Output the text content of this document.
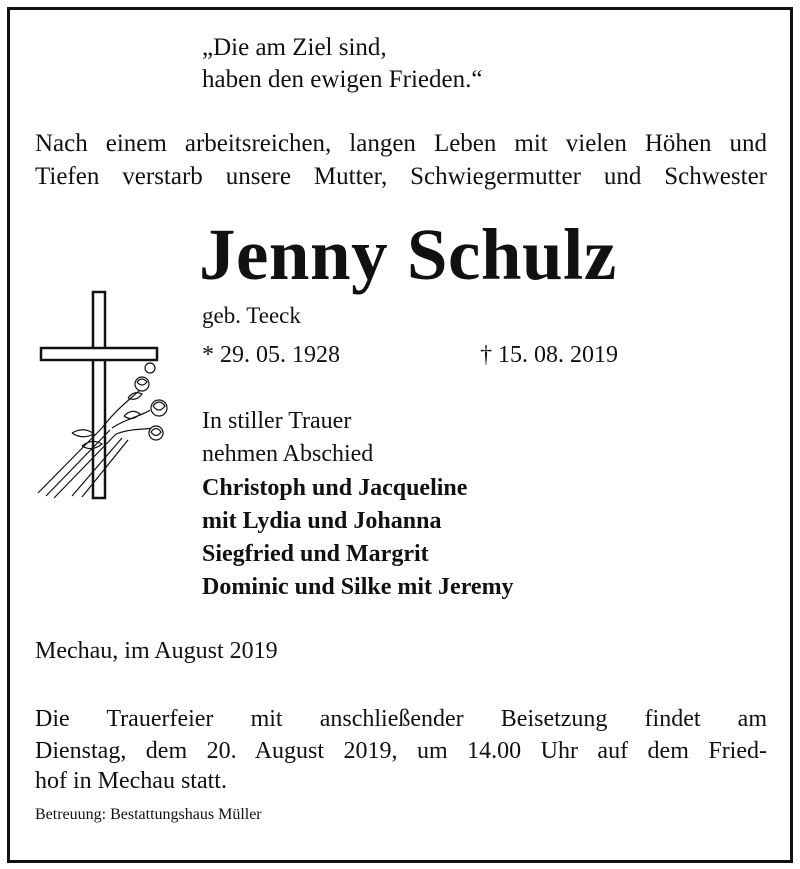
„Die am Ziel sind,
haben den ewigen Frieden.“
Nach einem arbeitsreichen, langen Leben mit vielen Höhen und
Tiefen verstarb unsere Mutter, Schwiegermutter und Schwester
Jenny Schulz
geb. Teeck
* 29. 05. 1928	† 15. 08. 2019
In stiller Trauer
nehmen Abschied
Christoph und Jacqueline
mit Lydia und Johanna
Siegfried und Margrit
Dominic und Silke mit Jeremy
Mechau, im August 2019
Die Trauerfeier mit anschließender Beisetzung findet am
Dienstag, dem 20. August 2019, um 14.00 Uhr auf dem Fried-
hof in Mechau statt.
Betreuung: Bestattungshaus Müller
